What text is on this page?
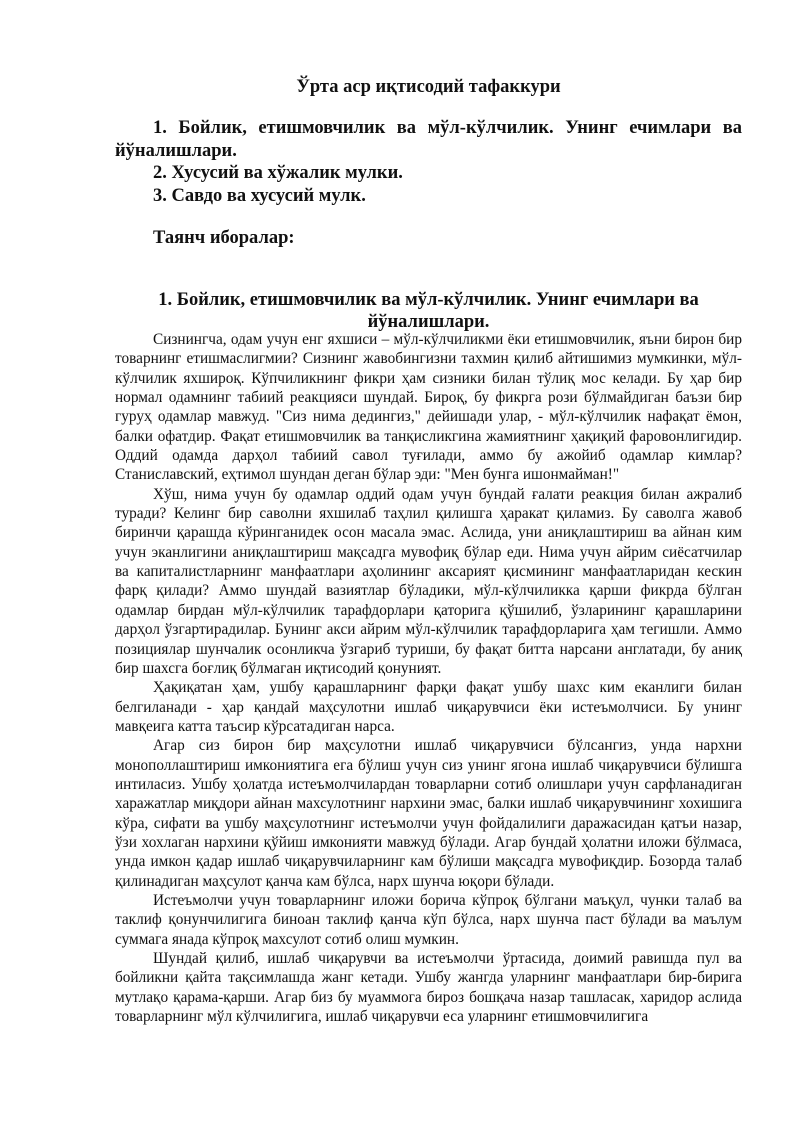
Ўрта аср иқтисодий тафаккури

1. Бойлик, етишмовчилик ва мўл-кўлчилик. Унинг ечимлари ва йўналишлари.

2. Хусусий ва хўжалик мулки.

3. Савдо ва хусусий мулк.

Таянч иборалар:
1. Бойлик, етишмовчилик ва мўл-кўлчилик. Унинг ечимлари ва йўналишлари.

Сизнингча, одам учун енг яхшиси – мўл-кўлчиликми ёки етишмовчилик, яъни бирон бир товарнинг етишмаслигмии? Сизнинг жавобингизни тахмин қилиб айтишимиз мумкинки, мўл-кўлчилик яхшироқ. Кўпчиликнинг фикри ҳам сизники билан тўлиқ мос келади. Бу ҳар бир нормал одамнинг табиий реакцияси шундай. Бироқ, бу фикрга рози бўлмайдиган баъзи бир гуруҳ одамлар мавжуд. "Сиз нима дедингиз," дейишади улар, - мўл-кўлчилик нафақат ёмон, балки офатдир. Фақат етишмовчилик ва танқисликгина жамиятнинг ҳақиқий фаровонлигидир. Оддий одамда дарҳол табиий савол туғилади, аммо бу ажойиб одамлар кимлар? Станиславский, еҳтимол шундан деган бўлар эди: "Мен бунга ишонмайман!"

Хўш, нима учун бу одамлар оддий одам учун бундай ғалати реакция билан ажралиб туради? Келинг бир саволни яхшилаб таҳлил қилишга ҳаракат қиламиз. Бу саволга жавоб биринчи қарашда кўринганидек осон масала эмас. Аслида, уни аниқлаштириш ва айнан ким учун эканлигини аниқлаштириш мақсадга мувофиқ бўлар еди. Нима учун айрим сиёсатчилар ва капиталистларнинг манфаатлари аҳолининг аксарият қисмининг манфаатларидан кескин фарқ қилади? Аммо шундай вазиятлар бўладики, мўл-кўлчиликка қарши фикрда бўлган одамлар бирдан мўл-кўлчилик тарафдорлари қаторига қўшилиб, ўзларининг қарашларини дарҳол ўзгартирадилар. Бунинг акси айрим мўл-кўлчилик тарафдорларига ҳам тегишли. Аммо позициялар шунчалик осонликча ўзгариб туриши, бу фақат битта нарсани англатади, бу аниқ бир шахсга боғлиқ бўлмаган иқтисодий қонуният.

Ҳақиқатан ҳам, ушбу қарашларнинг фарқи фақат ушбу шахс ким еканлиги билан белгиланади - ҳар қандай маҳсулотни ишлаб чиқарувчиси ёки истеъмолчиси. Бу унинг мавқеига катта таъсир кўрсатадиган нарса.

Агар сиз бирон бир маҳсулотни ишлаб чиқарувчиси бўлсангиз, унда нархни монополлаштириш имкониятига ега бўлиш учун сиз унинг ягона ишлаб чиқарувчиси бўлишга интиласиз. Ушбу ҳолатда истеъмолчилардан товарларни сотиб олишлари учун сарфланадиган харажатлар миқдори айнан махсулотнинг нархини эмас, балки ишлаб чиқарувчининг хохишига кўра, сифати ва ушбу маҳсулотнинг истеъмолчи учун фойдалилиги даражасидан қатъи назар, ўзи хохлаган нархини қўйиш имконияти мавжуд бўлади. Агар бундай ҳолатни иложи бўлмаса, унда имкон қадар ишлаб чиқарувчиларнинг кам бўлиши мақсадга мувофиқдир. Бозорда талаб қилинадиган маҳсулот қанча кам бўлса, нарх шунча юқори бўлади.

Истеъмолчи учун товарларнинг иложи борича кўпроқ бўлгани маъқул, чунки талаб ва таклиф қонунчилигига биноан таклиф қанча кўп бўлса, нарх шунча паст бўлади ва маълум суммага янада кўпроқ махсулот сотиб олиш мумкин.

Шундай қилиб, ишлаб чиқарувчи ва истеъмолчи ўртасида, доимий равишда пул ва бойликни қайта тақсимлашда жанг кетади. Ушбу жангда уларнинг манфаатлари бир-бирига мутлақо қарама-қарши. Агар биз бу муаммога бироз бошқача назар ташласак, харидор аслида товарларнинг мўл кўлчилигига, ишлаб чиқарувчи еса уларнинг етишмовчилигига
